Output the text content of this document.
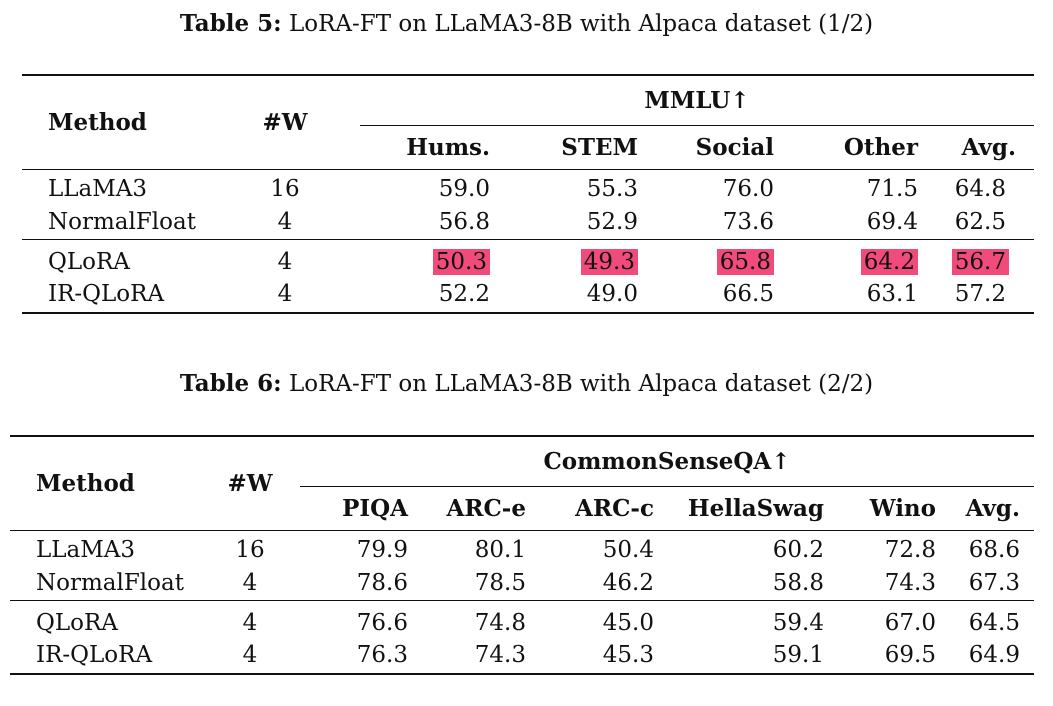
Table 5: LoRA-FT on LLaMA3-8B with Alpaca dataset (1/2)
Method	#W	MMLU↑				
		Hums.	STEM	Social	Other	Avg.
LLaMA3	16	59.0	55.3	76.0	71.5	64.8
NormalFloat	4	56.8	52.9	73.6	69.4	62.5
QLoRA	4	50.3	49.3	65.8	64.2	56.7
IR-QLoRA	4	52.2	49.0	66.5	63.1	57.2
Table 6: LoRA-FT on LLaMA3-8B with Alpaca dataset (2/2)
Method	#W	CommonSenseQA↑					
		PIQA	ARC-e	ARC-c	HellaSwag	Wino	Avg.
LLaMA3	16	79.9	80.1	50.4	60.2	72.8	68.6
NormalFloat	4	78.6	78.5	46.2	58.8	74.3	67.3
QLoRA	4	76.6	74.8	45.0	59.4	67.0	64.5
IR-QLoRA	4	76.3	74.3	45.3	59.1	69.5	64.9
